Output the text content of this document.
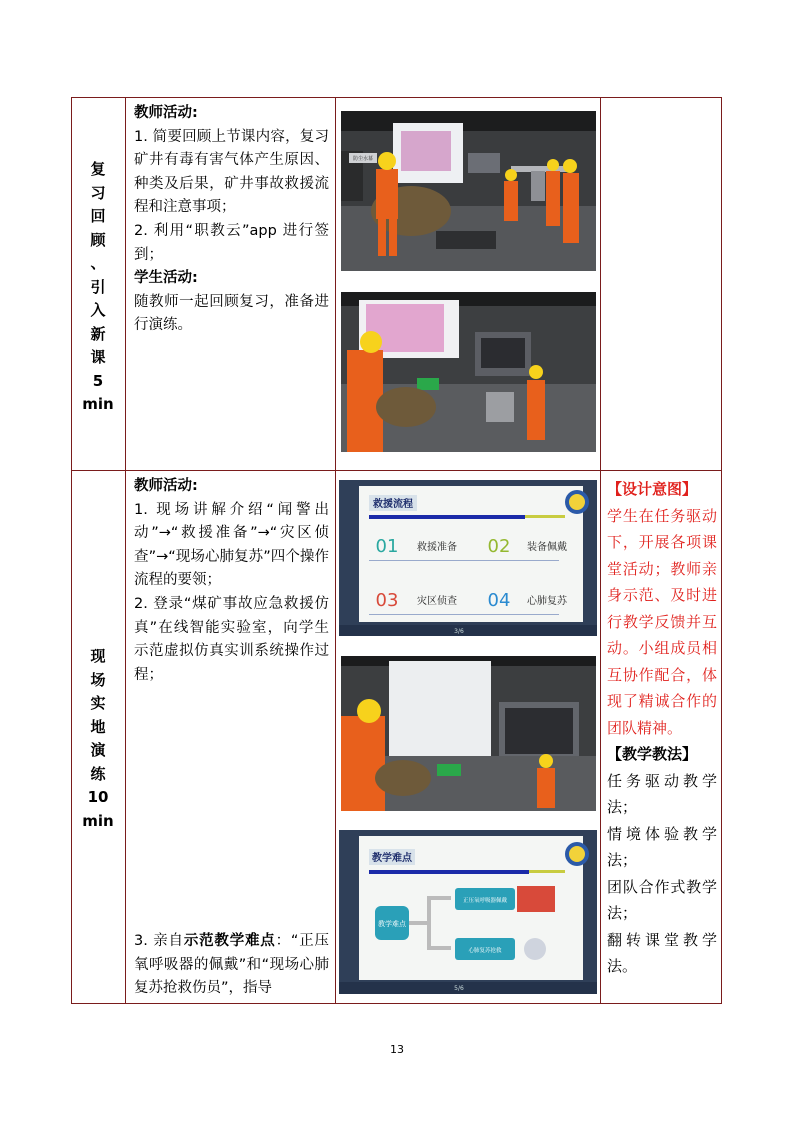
复
习
回
顾
、
引
入
新
课
5
min

教师活动:

1. 简要回顾上节课内容，复习矿井有毒有害气体产生原因、种类及后果，矿井事故救援流程和注意事项；

2. 利用“职教云”app 进行签到；

学生活动:

随教师一起回顾复习，准备进行演练。

防尘水幕
现
场
实
地
演
练
10
min

教师活动:

1. 现场讲解介绍“闻警出动”→“救援准备”→“灾区侦查”→“现场心肺复苏”四个操作流程的要领；

2. 登录“煤矿事故应急救援仿真”在线智能实验室，向学生示范虚拟仿真实训系统操作过程；

3. 亲自示范教学难点：“正压氧呼吸器的佩戴”和“现场心肺复苏抢救伤员”，指导

救援流程
01 救援准备 02 装备佩戴
03 灾区侦查 04 心肺复苏
3/6
教学难点
教学难点
正压氧呼吸器佩戴
心肺复苏抢救
5/6

【设计意图】

学生在任务驱动下，开展各项课堂活动；教师亲身示范、及时进行教学反馈并互动。小组成员相互协作配合，体现了精诚合作的团队精神。

【教学教法】

任务驱动教学法；

情境体验教学法；

团队合作式教学法；

翻转课堂教学法。

13
